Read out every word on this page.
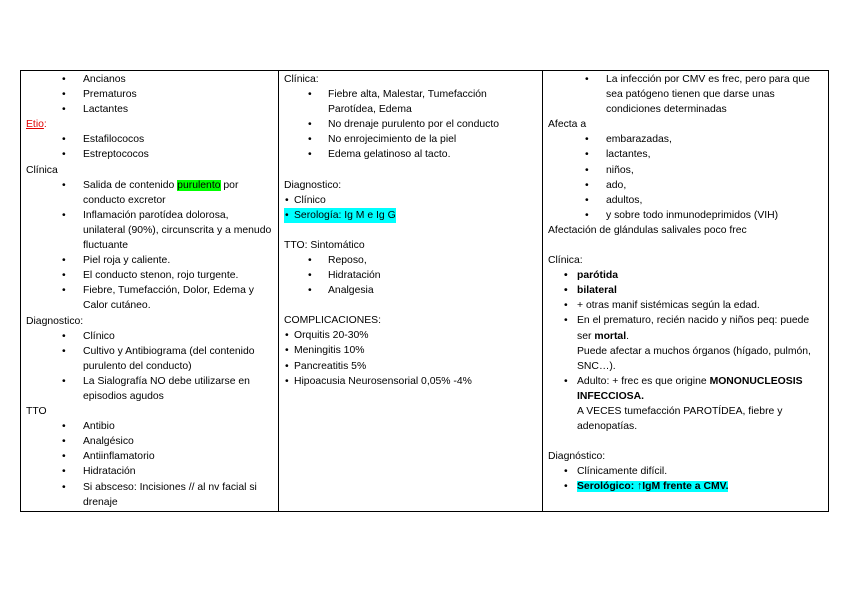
• Ancianos
• Prematuros
• Lactantes
Etio:
• Estafilococos
• Estreptococos
Clínica
• Salida de contenido purulento por conducto excretor
• Inflamación parotídea dolorosa, unilateral (90%), circunscrita y a menudo fluctuante
• Piel roja y caliente.
• El conducto stenon, rojo turgente.
• Fiebre, Tumefacción, Dolor, Edema y Calor cutáneo.
Diagnostico:
• Clínico
• Cultivo y Antibiograma (del contenido purulento del conducto)
• La Sialografía NO debe utilizarse en episodios agudos
TTO
• Antibio
• Analgésico
• Antiinflamatorio
• Hidratación
• Si absceso: Incisiones // al nv facial si drenaje

Clínica:
• Fiebre alta, Malestar, Tumefacción Parotídea, Edema
• No drenaje purulento por el conducto
• No enrojecimiento de la piel
• Edema gelatinoso al tacto.
Diagnostico:
• Clínico
• Serología: Ig M e Ig G
TTO: Sintomático
• Reposo,
• Hidratación
• Analgesia
COMPLICACIONES:
• Orquitis 20-30%
• Meningitis 10%
• Pancreatitis 5%
• Hipoacusia Neurosensorial 0,05% -4%

• La infección por CMV es frec, pero para que sea patógeno tienen que darse unas condiciones determinadas
Afecta a
• embarazadas,
• lactantes,
• niños,
• ado,
• adultos,
• y sobre todo inmunodeprimidos (VIH)
Afectación de glándulas salivales poco frec
Clínica:
• parótida
• bilateral
• + otras manif sistémicas según la edad.
• En el prematuro, recién nacido y niños peq: puede ser mortal.
Puede afectar a muchos órganos (hígado, pulmón, SNC…).
• Adulto: + frec es que origine MONONUCLEOSIS INFECCIOSA.
A VECES tumefacción PAROTÍDEA, fiebre y adenopatías.
Diagnóstico:
• Clínicamente difícil.
• Serológico: ↑IgM frente a CMV.
